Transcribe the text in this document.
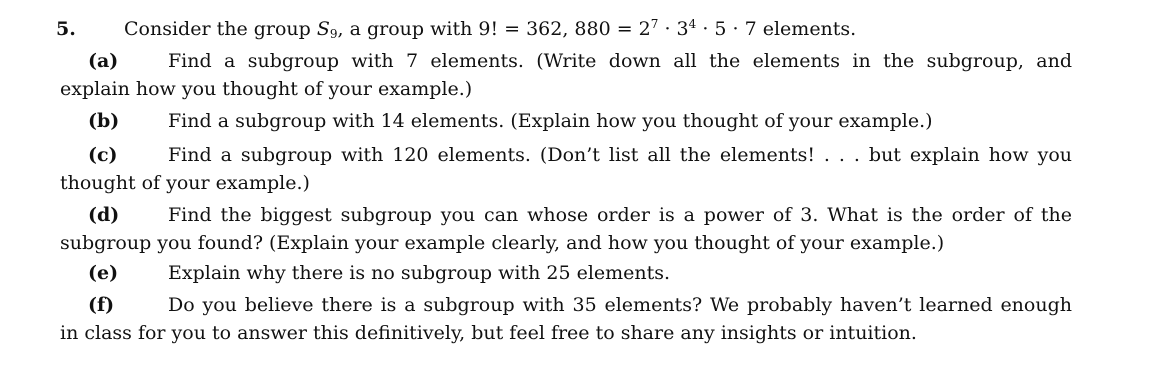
5.	Consider the group $S_9$, a group with 9! = 362, $880 = 2^7 \cdot 3^4 \cdot 5 \cdot 7$ elements.
(a)	Find a subgroup with 7 elements. (Write down all the elements in the subgroup, and
explain how you thought of your example.)
(b)	Find a subgroup with 14 elements. (Explain how you thought of your example.)
(c)	Find a subgroup with 120 elements. (Don’t list all the elements! . . . but explain how you
thought of your example.)
(d)	Find the biggest subgroup you can whose order is a power of 3. What is the order of the
subgroup you found? (Explain your example clearly, and how you thought of your example.)
(e)	Explain why there is no subgroup with 25 elements.
(f)	Do you believe there is a subgroup with 35 elements? We probably haven’t learned enough
in class for you to answer this definitively, but feel free to share any insights or intuition.
